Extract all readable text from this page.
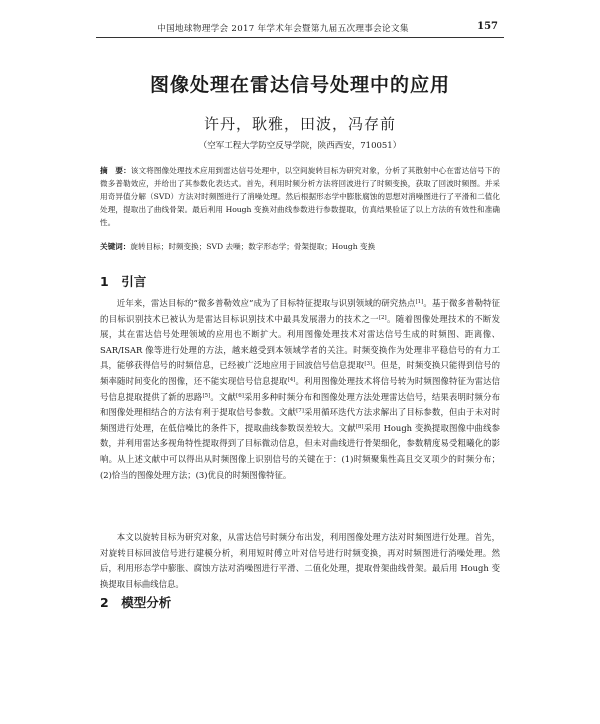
中国地球物理学会 2017 年学术年会暨第九届五次理事会论文集	157
图像处理在雷达信号处理中的应用
许丹，耿雅，田波，冯存前
（空军工程大学防空反导学院，陕西西安，710051）
摘　要：该文将图像处理技术应用到雷达信号处理中，以空间旋转目标为研究对象，分析了其散射中心在雷达信号下的微多普勒效应，并给出了其参数化表达式。首先，利用时频分析方法将回波进行了时频变换，获取了回波时频图。并采用奇异值分解（SVD）方法对时频图进行了消噪处理。然后根据形态学中膨胀腐蚀的思想对消噪图进行了平滑和二值化处理，提取出了曲线骨架。最后利用 Hough 变换对曲线参数进行参数提取，仿真结果验证了以上方法的有效性和准确性。
关键词：旋转目标；时频变换；SVD 去噪；数字形态学；骨架提取；Hough 变换
1　引言
近年来，雷达目标的“微多普勒效应”成为了目标特征提取与识别领域的研究热点[1]。基于微多普勒特征的目标识别技术已被认为是雷达目标识别技术中最具发展潜力的技术之一[2]。随着图像处理技术的不断发展，其在雷达信号处理领域的应用也不断扩大。利用图像处理技术对雷达信号生成的时频图、距离像、SAR/ISAR 像等进行处理的方法，越来越受到本领域学者的关注。时频变换作为处理非平稳信号的有力工具，能够获得信号的时频信息，已经被广泛地应用于回波信号信息提取[3]。但是，时频变换只能得到信号的频率随时间变化的图像，还不能实现信号信息提取[4]。利用图像处理技术将信号转为时频图像特征为雷达信号信息提取提供了新的思路[5]。文献[6]采用多种时频分布和图像处理方法处理雷达信号，结果表明时频分布和图像处理相结合的方法有利于提取信号参数。文献[7]采用循环迭代方法求解出了目标参数，但由于未对时频图进行处理，在低信噪比的条件下，提取曲线参数误差较大。文献[8]采用 Hough 变换提取图像中曲线参数，并利用雷达多视角特性提取得到了目标微动信息，但未对曲线进行骨架细化，参数精度易受粗曦化的影响。从上述文献中可以得出从时频图像上识别信号的关键在于：(1)时频聚集性高且交叉项少的时频分布；(2)恰当的图像处理方法；(3)优良的时频图像特征。
本文以旋转目标为研究对象，从雷达信号时频分布出发，利用图像处理方法对时频图进行处理。首先，对旋转目标回波信号进行建模分析，利用短时傅立叶对信号进行时频变换，再对时频图进行消噪处理。然后，利用形态学中膨胀、腐蚀方法对消噪图进行平滑、二值化处理，提取骨架曲线骨架。最后用 Hough 变换提取目标曲线信息。
2　模型分析
